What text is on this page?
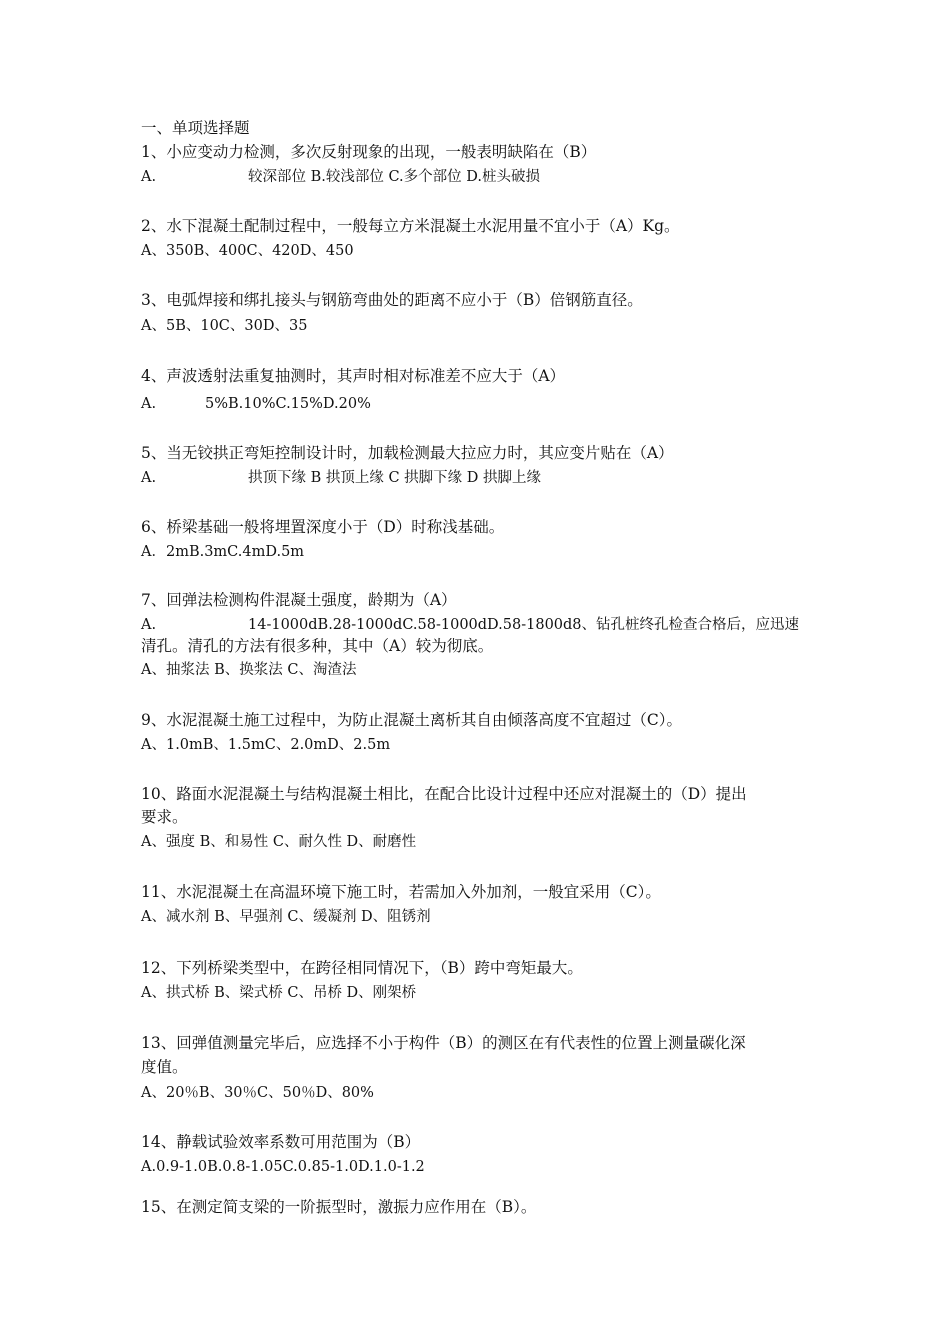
一、单项选择题
1、小应变动力检测，多次反射现象的出现，一般表明缺陷在（B）
A.	较深部位 B.较浅部位 C.多个部位 D.桩头破损
2、水下混凝土配制过程中，一般每立方米混凝土水泥用量不宜小于（A）Kg。
A、350B、400C、420D、450
3、电弧焊接和绑扎接头与钢筋弯曲处的距离不应小于（B）倍钢筋直径。
A、5B、10C、30D、35
4、声波透射法重复抽测时，其声时相对标准差不应大于（A）
A.	5%B.10%C.15%D.20%
5、当无铰拱正弯矩控制设计时，加载检测最大拉应力时，其应变片贴在（A）
A.	拱顶下缘 B 拱顶上缘 C 拱脚下缘 D 拱脚上缘
6、桥梁基础一般将埋置深度小于（D）时称浅基础。
A．2mB.3mC.4mD.5m
7、回弹法检测构件混凝土强度，龄期为（A）
A.	14-1000dB.28-1000dC.58-1000dD.58-1800d8、钻孔桩终孔检查合格后，应迅速
清孔。清孔的方法有很多种，其中（A）较为彻底。
A、抽浆法 B、换浆法 C、淘渣法
9、水泥混凝土施工过程中，为防止混凝土离析其自由倾落高度不宜超过（C）。
A、1.0mB、1.5mC、2.0mD、2.5m
10、路面水泥混凝土与结构混凝土相比，在配合比设计过程中还应对混凝土的（D）提出
要求。
A、强度 B、和易性 C、耐久性 D、耐磨性
11、水泥混凝土在高温环境下施工时，若需加入外加剂，一般宜采用（C）。
A、减水剂 B、早强剂 C、缓凝剂 D、阻锈剂
12、下列桥梁类型中，在跨径相同情况下，（B）跨中弯矩最大。
A、拱式桥 B、梁式桥 C、吊桥 D、刚架桥
13、回弹值测量完毕后，应选择不小于构件（B）的测区在有代表性的位置上测量碳化深
度值。
A、20％B、30％C、50％D、80%
14、静载试验效率系数可用范围为（B）
A.0.9-1.0B.0.8-1.05C.0.85-1.0D.1.0-1.2
15、在测定简支梁的一阶振型时，激振力应作用在（B）。
